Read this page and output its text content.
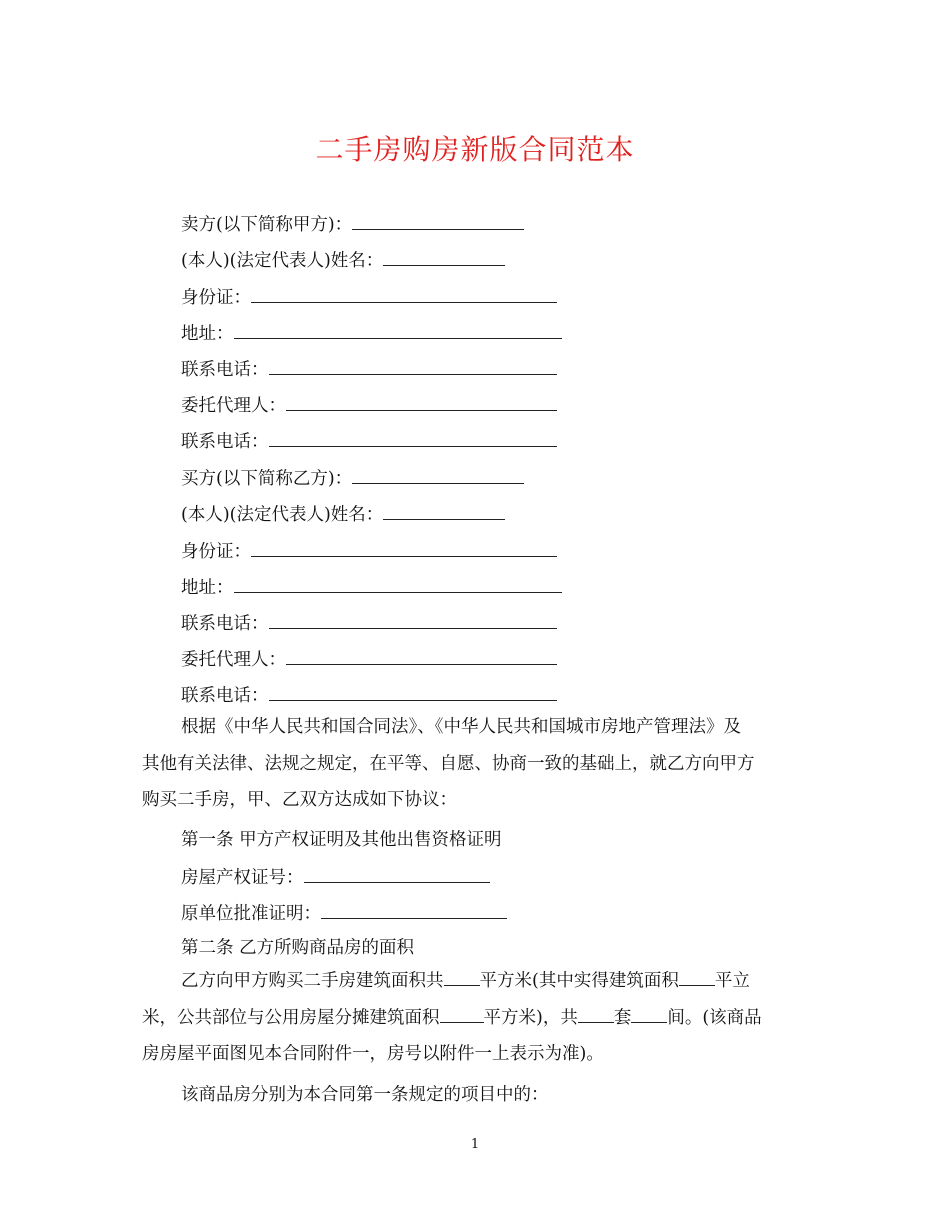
二手房购房新版合同范本
卖方(以下简称甲方)：
(本人)(法定代表人)姓名：
身份证：
地址：
联系电话：
委托代理人：
联系电话：
买方(以下简称乙方)：
(本人)(法定代表人)姓名：
身份证：
地址：
联系电话：
委托代理人：
联系电话：
根据《中华人民共和国合同法》、《中华人民共和国城市房地产管理法》及
其他有关法律、法规之规定，在平等、自愿、协商一致的基础上，就乙方向甲方
购买二手房，甲、乙双方达成如下协议：
第一条 甲方产权证明及其他出售资格证明
房屋产权证号：
原单位批准证明：
第二条 乙方所购商品房的面积
乙方向甲方购买二手房建筑面积共 平方米(其中实得建筑面积 平立
米，公共部位与公用房屋分摊建筑面积	平方米)，共 套 间。(该商品
房房屋平面图见本合同附件一，房号以附件一上表示为准)。
该商品房分别为本合同第一条规定的项目中的：
1
